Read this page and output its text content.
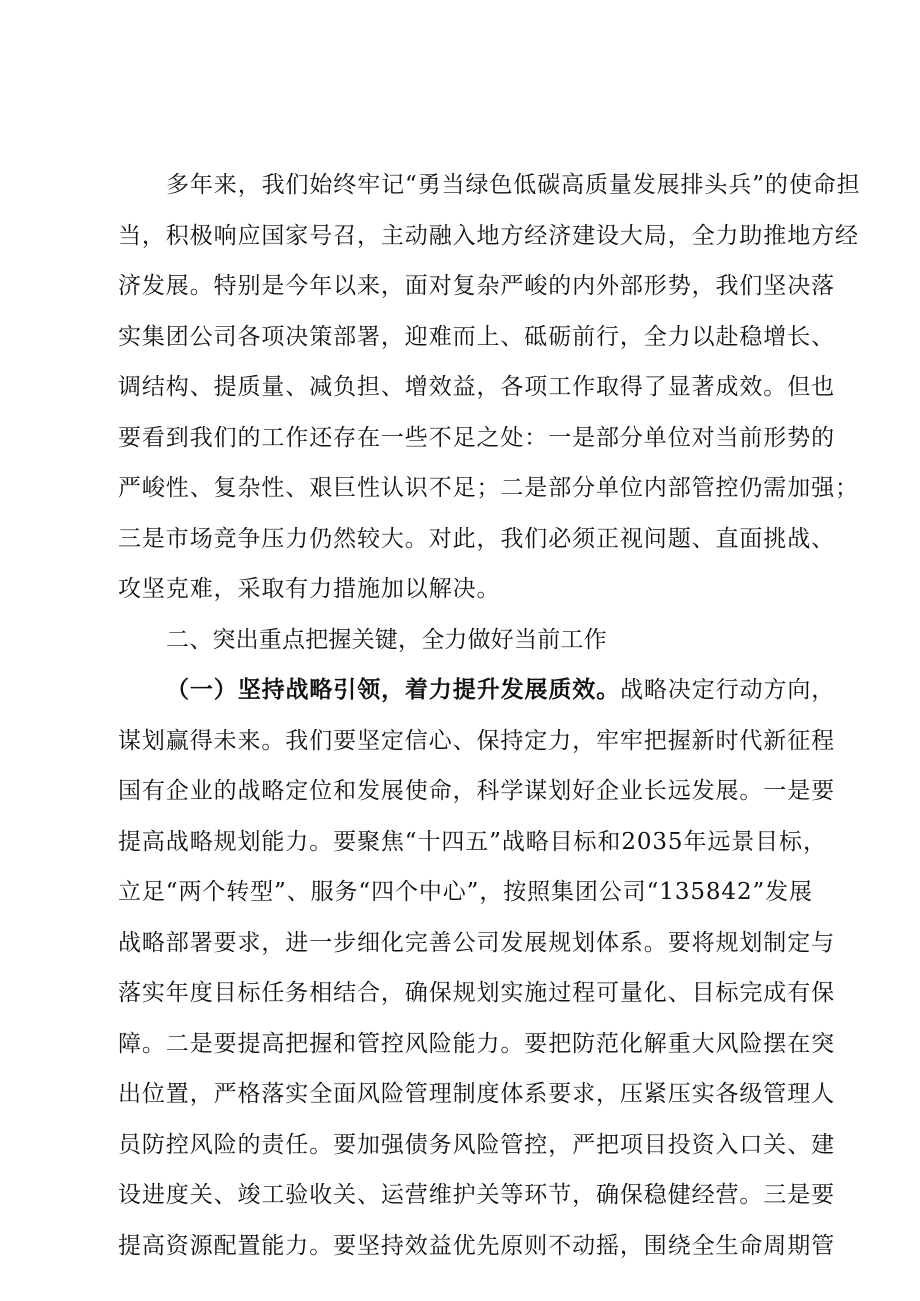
多年来，我们始终牢记“勇当绿色低碳高质量发展排头兵”的使命担
当，积极响应国家号召，主动融入地方经济建设大局，全力助推地方经
济发展。特别是今年以来，面对复杂严峻的内外部形势，我们坚决落
实集团公司各项决策部署，迎难而上、砥砺前行，全力以赴稳增长、
调结构、提质量、减负担、增效益，各项工作取得了显著成效。但也
要看到我们的工作还存在一些不足之处：一是部分单位对当前形势的
严峻性、复杂性、艰巨性认识不足；二是部分单位内部管控仍需加强；
三是市场竞争压力仍然较大。对此，我们必须正视问题、直面挑战、
攻坚克难，采取有力措施加以解决。
二、突出重点把握关键，全力做好当前工作
（一）坚持战略引领，着力提升发展质效。战略决定行动方向，
谋划赢得未来。我们要坚定信心、保持定力，牢牢把握新时代新征程
国有企业的战略定位和发展使命，科学谋划好企业长远发展。一是要
提高战略规划能力。要聚焦“十四五”战略目标和2035年远景目标，
立足“两个转型”、服务“四个中心”，按照集团公司“135842”发展
战略部署要求，进一步细化完善公司发展规划体系。要将规划制定与
落实年度目标任务相结合，确保规划实施过程可量化、目标完成有保
障。二是要提高把握和管控风险能力。要把防范化解重大风险摆在突
出位置，严格落实全面风险管理制度体系要求，压紧压实各级管理人
员防控风险的责任。要加强债务风险管控，严把项目投资入口关、建
设进度关、竣工验收关、运营维护关等环节，确保稳健经营。三是要
提高资源配置能力。要坚持效益优先原则不动摇，围绕全生命周期管
